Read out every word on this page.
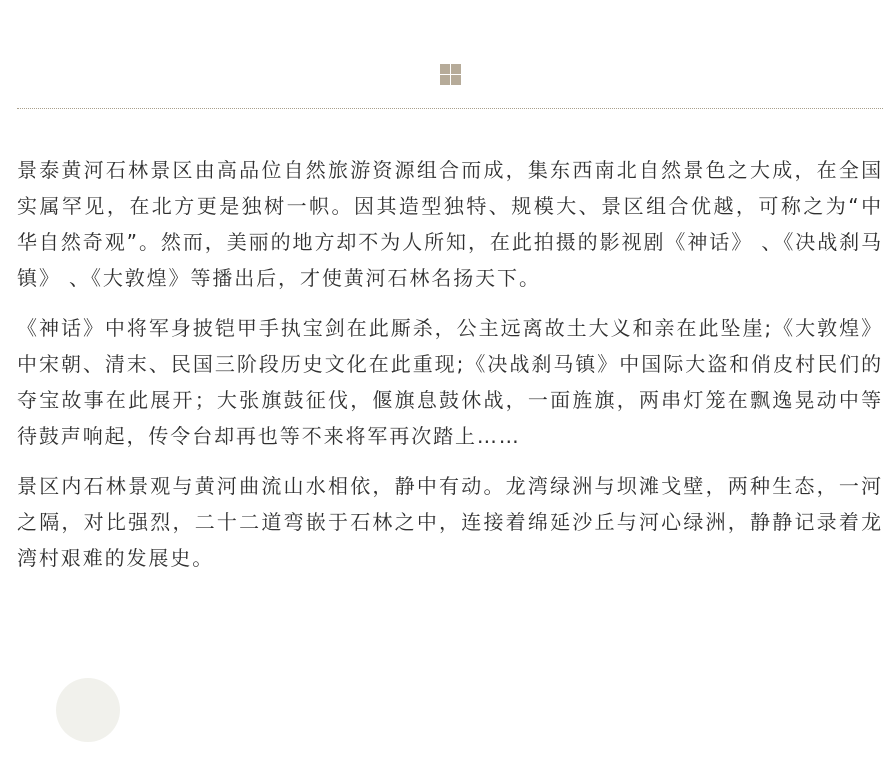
景泰黄河石林景区由高品位自然旅游资源组合而成，集东西南北自然景色之大成，在全国实属罕见，在北方更是独树一帜。因其造型独特、规模大、景区组合优越，可称之为“中华自然奇观”。然而，美丽的地方却不为人所知，在此拍摄的影视剧《神话》 、《决战刹马镇》 、《大敦煌》等播出后，才使黄河石林名扬天下。

《神话》中将军身披铠甲手执宝剑在此厮杀，公主远离故土大义和亲在此坠崖;《大敦煌》中宋朝、清末、民国三阶段历史文化在此重现;《决战刹马镇》中国际大盗和俏皮村民们的夺宝故事在此展开；大张旗鼓征伐，偃旗息鼓休战，一面旌旗，两串灯笼在飘逸晃动中等待鼓声响起，传令台却再也等不来将军再次踏上……

景区内石林景观与黄河曲流山水相依，静中有动。龙湾绿洲与坝滩戈壁，两种生态，一河之隔，对比强烈，二十二道弯嵌于石林之中，连接着绵延沙丘与河心绿洲，静静记录着龙湾村艰难的发展史。
